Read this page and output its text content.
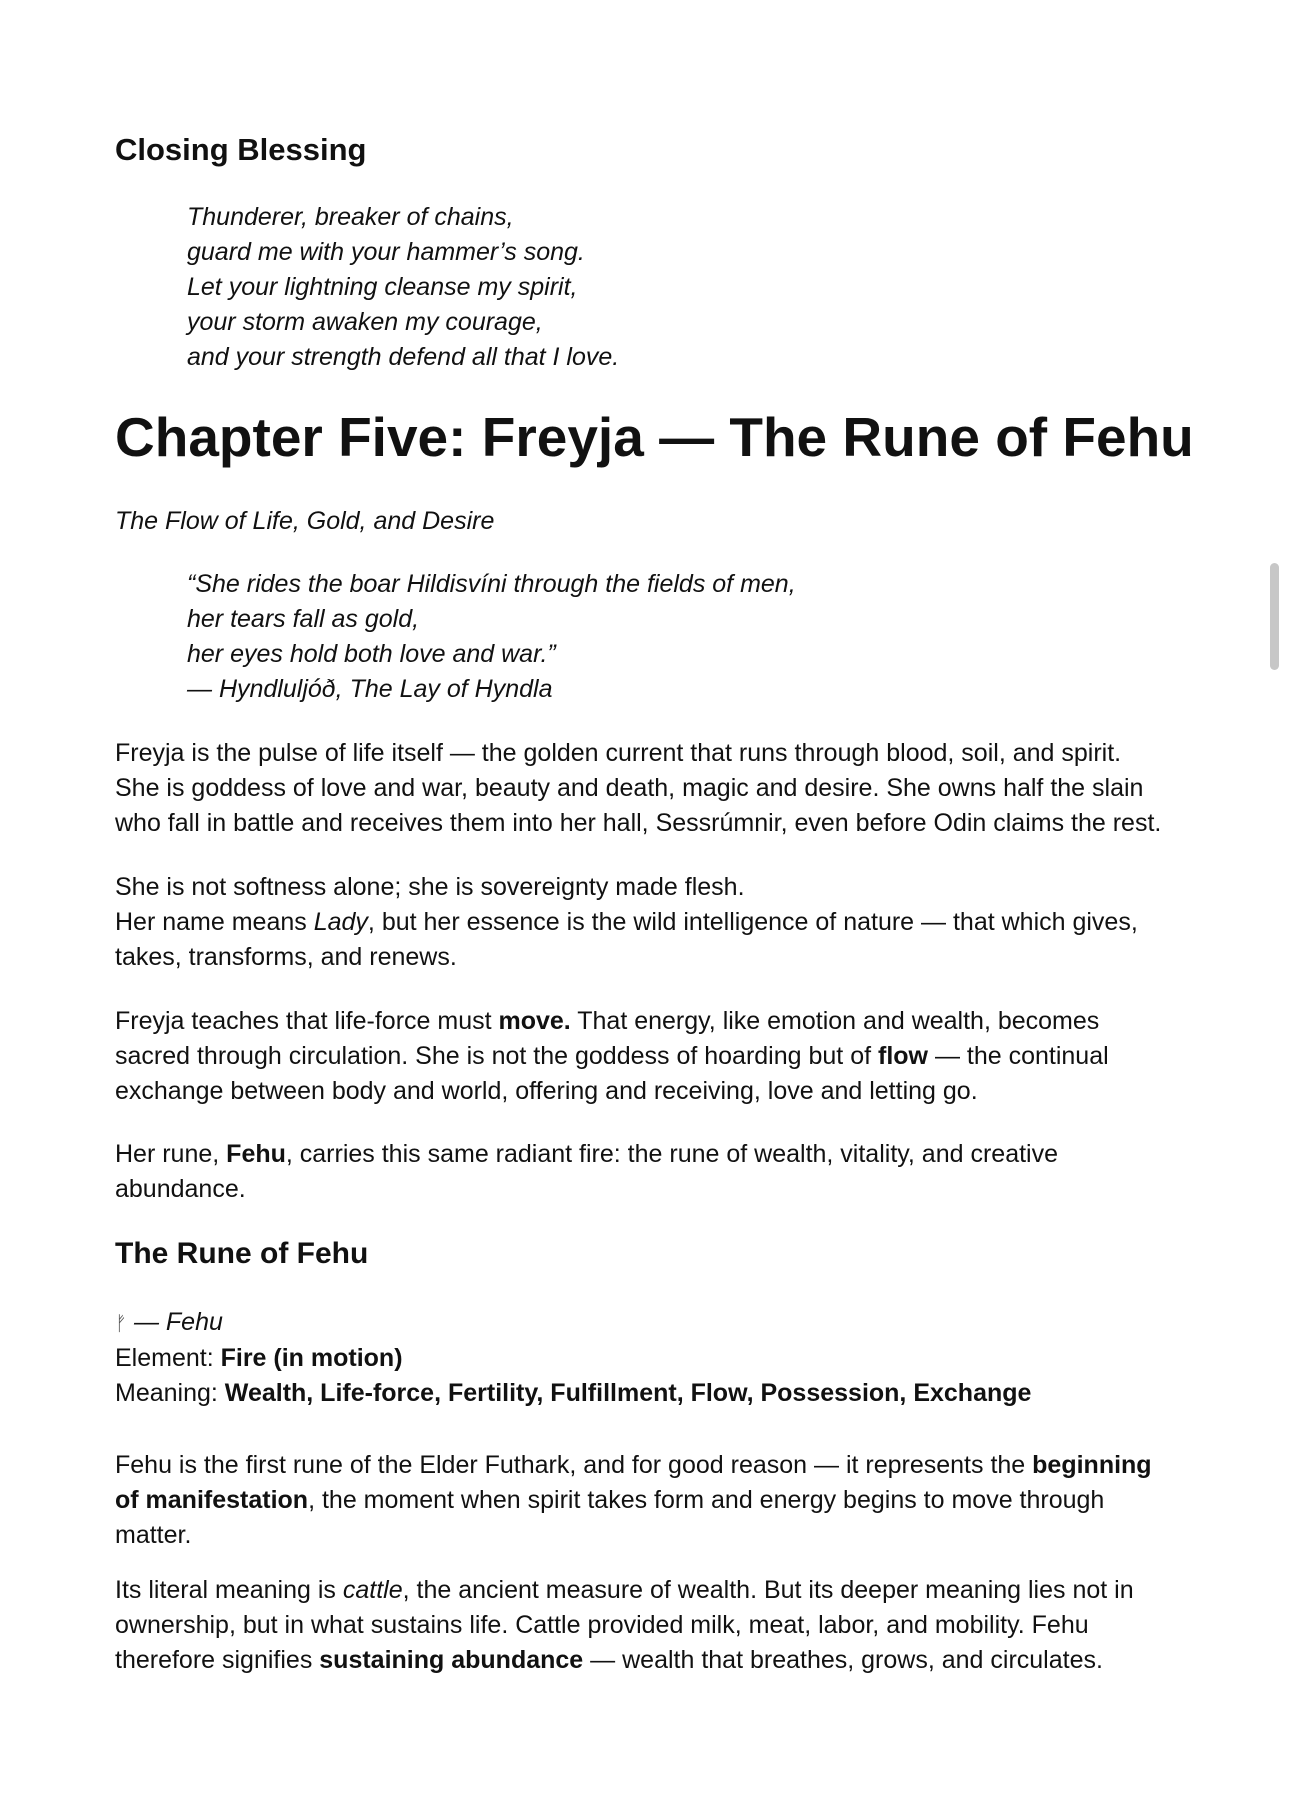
Closing Blessing
Thunderer, breaker of chains,
guard me with your hammer’s song.
Let your lightning cleanse my spirit,
your storm awaken my courage,
and your strength defend all that I love.
Chapter Five: Freyja — The Rune of Fehu

The Flow of Life, Gold, and Desire

“She rides the boar Hildisvíni through the fields of men,
her tears fall as gold,
her eyes hold both love and war.”
— Hyndluljóð, The Lay of Hyndla

Freyja is the pulse of life itself — the golden current that runs through blood, soil, and spirit.
She is goddess of love and war, beauty and death, magic and desire. She owns half the slain
who fall in battle and receives them into her hall, Sessrúmnir, even before Odin claims the rest.

She is not softness alone; she is sovereignty made flesh.
Her name means Lady, but her essence is the wild intelligence of nature — that which gives,
takes, transforms, and renews.

Freyja teaches that life-force must move. That energy, like emotion and wealth, becomes
sacred through circulation. She is not the goddess of hoarding but of flow — the continual
exchange between body and world, offering and receiving, love and letting go.

Her rune, Fehu, carries this same radiant fire: the rune of wealth, vitality, and creative
abundance.

The Rune of Fehu
ᚠ — Fehu
Element: Fire (in motion)
Meaning: Wealth, Life-force, Fertility, Fulfillment, Flow, Possession, Exchange

Fehu is the first rune of the Elder Futhark, and for good reason — it represents the beginning
of manifestation, the moment when spirit takes form and energy begins to move through
matter.

Its literal meaning is cattle, the ancient measure of wealth. But its deeper meaning lies not in
ownership, but in what sustains life. Cattle provided milk, meat, labor, and mobility. Fehu
therefore signifies sustaining abundance — wealth that breathes, grows, and circulates.
